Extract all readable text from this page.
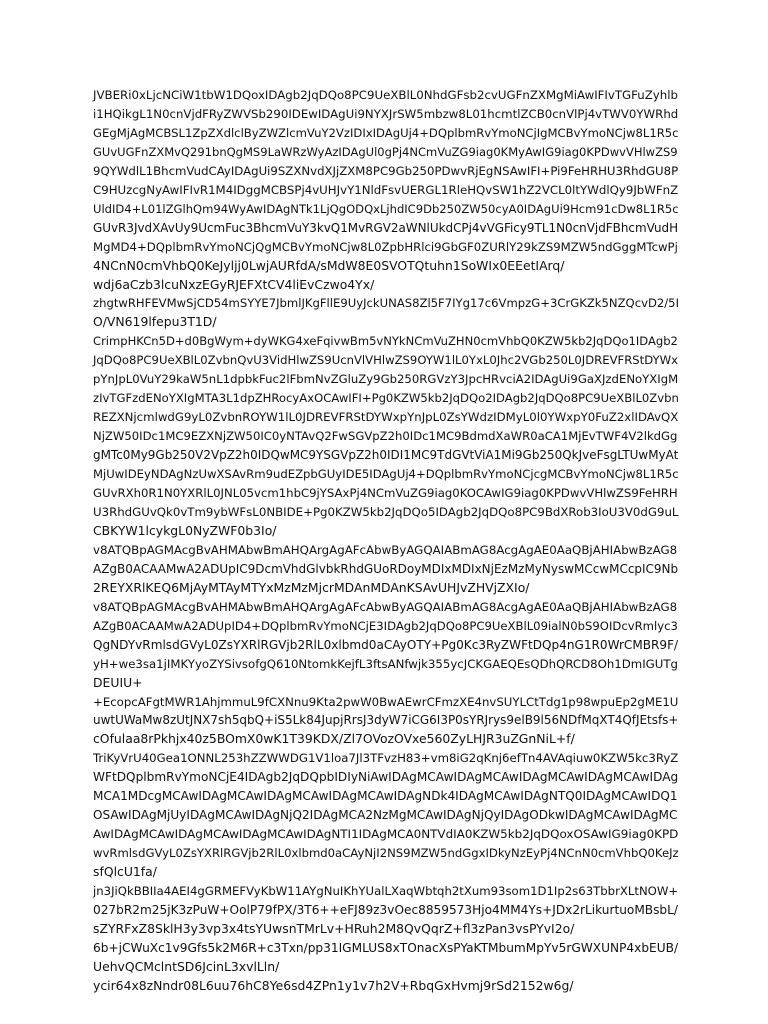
JVBERi0xLjcNCiW1tbW1DQoxIDAgb2JqDQo8PC9UeXBlL0NhdGFsb2cvUGFnZXMgMiAwIFIvTGFuZyhlb
i1HQikgL1N0cnVjdFRyZWVSb290IDEwIDAgUi9NYXJrSW5mbzw8L01hcmtlZCB0cnVlPj4vTWV0YWRhd
GEgMjAgMCBSL1ZpZXdlclByZWZlcmVuY2VzIDIxIDAgUj4+DQplbmRvYmoNCjIgMCBvYmoNCjw8L1R5c
GUvUGFnZXMvQ291bnQgMS9LaWRzWyAzIDAgUl0gPj4NCmVuZG9iag0KMyAwIG9iag0KPDwvVHlwZS9
9QYWdlL1BhcmVudCAyIDAgUi9SZXNvdXJjZXM8PC9Gb250PDwvRjEgNSAwIFI+Pi9FeHRHU3RhdGU8P
C9HUzcgNyAwIFIvR1M4IDggMCBSPj4vUHJvY1NldFsvUERGL1RleHQvSW1hZ2VCL0ltYWdlQy9JbWFnZ
UldID4+L01lZGlhQm94WyAwIDAgNTk1LjQgODQxLjhdIC9Db250ZW50cyA0IDAgUi9Hcm91cDw8L1R5c
GUvR3JvdXAvUy9UcmFuc3BhcmVuY3kvQ1MvRGV2aWNlUkdCPj4vVGFicy9TL1N0cnVjdFBhcmVudH
MgMD4+DQplbmRvYmoNCjQgMCBvYmoNCjw8L0ZpbHRlci9GbGF0ZURlY29kZS9MZW5ndGggMTcwPj
4NCnN0cmVhbQ0KeJyljj0LwjAURfdA/sMdW8E0SVOTQtuhn1SoWIx0EEetIArq/
wdj6aCzb3lcuNxzEGyRJEFXtCV4liEvCzwo4Yx/
zhgtwRHFEVMwSjCD54mSYYE7JbmlJKgFllE9UyJckUNAS8Zl5F7IYg17c6VmpzG+3CrGKZk5NZQcvD2/5I
O/VN619lfepu3T1D/
CrimpHKCn5D+d0BgWym+dyWKG4xeFqivwBm5vNYkNCmVuZHN0cmVhbQ0KZW5kb2JqDQo1IDAgb2
JqDQo8PC9UeXBlL0ZvbnQvU3VidHlwZS9UcnVlVHlwZS9OYW1lL0YxL0Jhc2VGb250L0JDREVFRStDYWx
pYnJpL0VuY29kaW5nL1dpbkFuc2lFbmNvZGluZy9Gb250RGVzY3JpcHRvciA2IDAgUi9GaXJzdENoYXIgM
zIvTGFzdENoYXIgMTA3L1dpZHRocyAxOCAwIFI+Pg0KZW5kb2JqDQo2IDAgb2JqDQo8PC9UeXBlL0Zvbn
REZXNjcmlwdG9yL0ZvbnROYW1lL0JDREVFRStDYWxpYnJpL0ZsYWdzIDMyL0l0YWxpY0FuZ2xlIDAvQX
NjZW50IDc1MC9EZXNjZW50IC0yNTAvQ2FwSGVpZ2h0IDc1MC9BdmdXaWR0aCA1MjEvTWF4V2lkdGg
gMTc0My9Gb250V2VpZ2h0IDQwMC9YSGVpZ2h0IDI1MC9TdGVtViA1Mi9Gb250QkJveFsgLTUwMyAt
MjUwIDEyNDAgNzUwXSAvRm9udEZpbGUyIDE5IDAgUj4+DQplbmRvYmoNCjcgMCBvYmoNCjw8L1R5c
GUvRXh0R1N0YXRlL0JNL05vcm1hbC9jYSAxPj4NCmVuZG9iag0KOCAwIG9iag0KPDwvVHlwZS9FeHRH
U3RhdGUvQk0vTm9ybWFsL0NBIDE+Pg0KZW5kb2JqDQo5IDAgb2JqDQo8PC9BdXRob3IoU3V0dG9uL
CBKYW1lcykgL0NyZWF0b3Io/
v8ATQBpAGMAcgBvAHMAbwBmAHQArgAgAFcAbwByAGQAIABmAG8AcgAgAE0AaQBjAHIAbwBzAG8
AZgB0ACAAMwA2ADUpIC9DcmVhdGlvbkRhdGUoRDoyMDIxMDIxNjEzMzMyNyswMCcwMCcpIC9Nb
2REYXRlKEQ6MjAyMTAyMTYxMzMzMjcrMDAnMDAnKSAvUHJvZHVjZXIo/
v8ATQBpAGMAcgBvAHMAbwBmAHQArgAgAFcAbwByAGQAIABmAG8AcgAgAE0AaQBjAHIAbwBzAG8
AZgB0ACAAMwA2ADUpID4+DQplbmRvYmoNCjE3IDAgb2JqDQo8PC9UeXBlL09ialN0bS9OIDcvRmlyc3
QgNDYvRmlsdGVyL0ZsYXRlRGVjb2RlL0xlbmd0aCAyOTY+Pg0Kc3RyZWFtDQp4nG1R0WrCMBR9F/
yH+we3sa1jIMKYyoZYSivsofgQ610NtomkKejfL3ftsANfwjk355ycJCKGAEQEsQDhQRCD8Oh1DmIGUTg
DEUIU+
+EcopcAFgtMWR1AhjmmuL9fCXNnu9Kta2pwW0BwAEwrCFmzXE4nvSUYLCtTdg1p98wpuEp2gME1U
uwtUWaMw8zUtJNX7sh5qbQ+iS5Lk84JupjRrsJ3dyW7iCG6I3P0sYRJrys9elB9l56NDfMqXT4QfJEtsfs+
cOfulaa8rPkhjx40z5BOmX0wK1T39KDX/Zl7OVozOVxe560ZyLHJR3uZGnNiL+f/
TriKyVrU40Gea1ONNL253hZZWWDG1V1loa7Jl3TFvzH83+vm8iG2qKnj6efTn4AVAqiuw0KZW5kc3RyZ
WFtDQplbmRvYmoNCjE4IDAgb2JqDQpbIDIyNiAwIDAgMCAwIDAgMCAwIDAgMCAwIDAgMCAwIDAg
MCA1MDcgMCAwIDAgMCAwIDAgMCAwIDAgMCAwIDAgNDk4IDAgMCAwIDAgNTQ0IDAgMCAwIDQ1
OSAwIDAgMjUyIDAgMCAwIDAgNjQ2IDAgMCA2NzMgMCAwIDAgNjQyIDAgODkwIDAgMCAwIDAgMC
AwIDAgMCAwIDAgMCAwIDAgMCAwIDAgNTI1IDAgMCA0NTVdIA0KZW5kb2JqDQoxOSAwIG9iag0KPD
wvRmlsdGVyL0ZsYXRlRGVjb2RlL0xlbmd0aCAyNjI2NS9MZW5ndGgxIDkyNzEyPj4NCnN0cmVhbQ0KeJz
sfQlcU1fa/
jn3JiQkBBIIa4AEI4gGRMEFVyKbW11AYgNuIKhYUalLXaqWbtqh2tXum93som1D1Ip2s63TbbrXLtNOW+
027bR2m25jK3zPuW+OolP79fPX/3T6++eFJ89z3vOec8859573Hjo4MM4Ys+JDx2rLikurtuoMBsbL/
sZYRFxZ8SklH3y3vp3x4tsYUwsnTMrLv+HRuh2M8QvQqrZ+fl3zPan3vsPYvI2o/
6b+jCWuXc1v9Gfs5k2M6R+c3Txn/pp31IGMLUS8xTOnacXsPYaKTMbumMpYv5rGWXUNP4xbEUB/
UehvQCMclntSD6JcinL3xvlLln/
ycir64x8zNndr08L6uu76hC8Ye6sd4ZPn1y1v7h2V+RbqGxHvmj9rSd2152w6g/
